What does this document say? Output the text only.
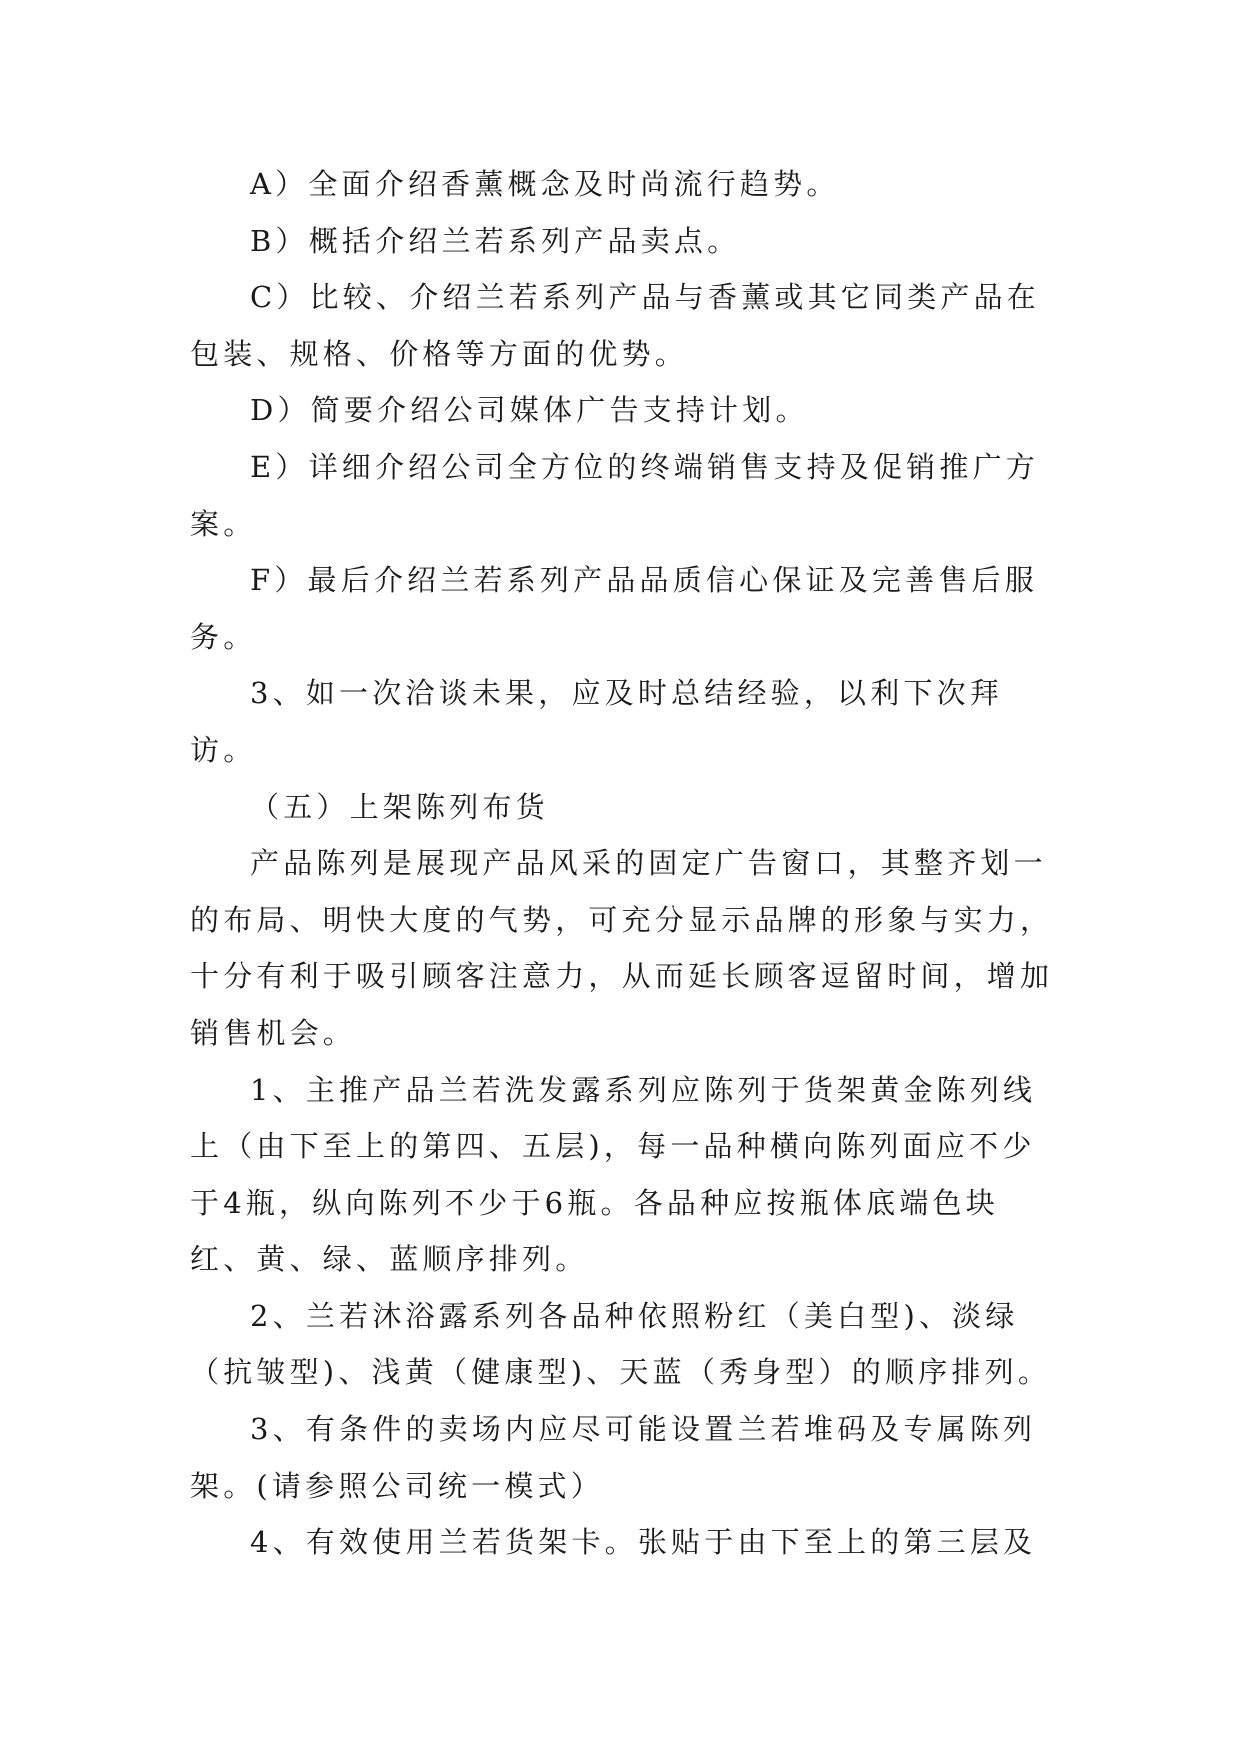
A）全面介绍香薰概念及时尚流行趋势。

B）概括介绍兰若系列产品卖点。

C）比较、介绍兰若系列产品与香薰或其它同类产品在包装、规格、价格等方面的优势。

D）简要介绍公司媒体广告支持计划。

E）详细介绍公司全方位的终端销售支持及促销推广方案。

F）最后介绍兰若系列产品品质信心保证及完善售后服务。

3、如一次洽谈未果，应及时总结经验，以利下次拜访。

（五）上架陈列布货

产品陈列是展现产品风采的固定广告窗口，其整齐划一的布局、明快大度的气势，可充分显示品牌的形象与实力，十分有利于吸引顾客注意力，从而延长顾客逗留时间，增加销售机会。

1、主推产品兰若洗发露系列应陈列于货架黄金陈列线上（由下至上的第四、五层)，每一品种横向陈列面应不少于4瓶，纵向陈列不少于6瓶。各品种应按瓶体底端色块红、黄、绿、蓝顺序排列。

2、兰若沐浴露系列各品种依照粉红（美白型)、淡绿（抗皱型)、浅黄（健康型)、天蓝（秀身型）的顺序排列。

3、有条件的卖场内应尽可能设置兰若堆码及专属陈列架。(请参照公司统一模式）

4、有效使用兰若货架卡。张贴于由下至上的第三层及
